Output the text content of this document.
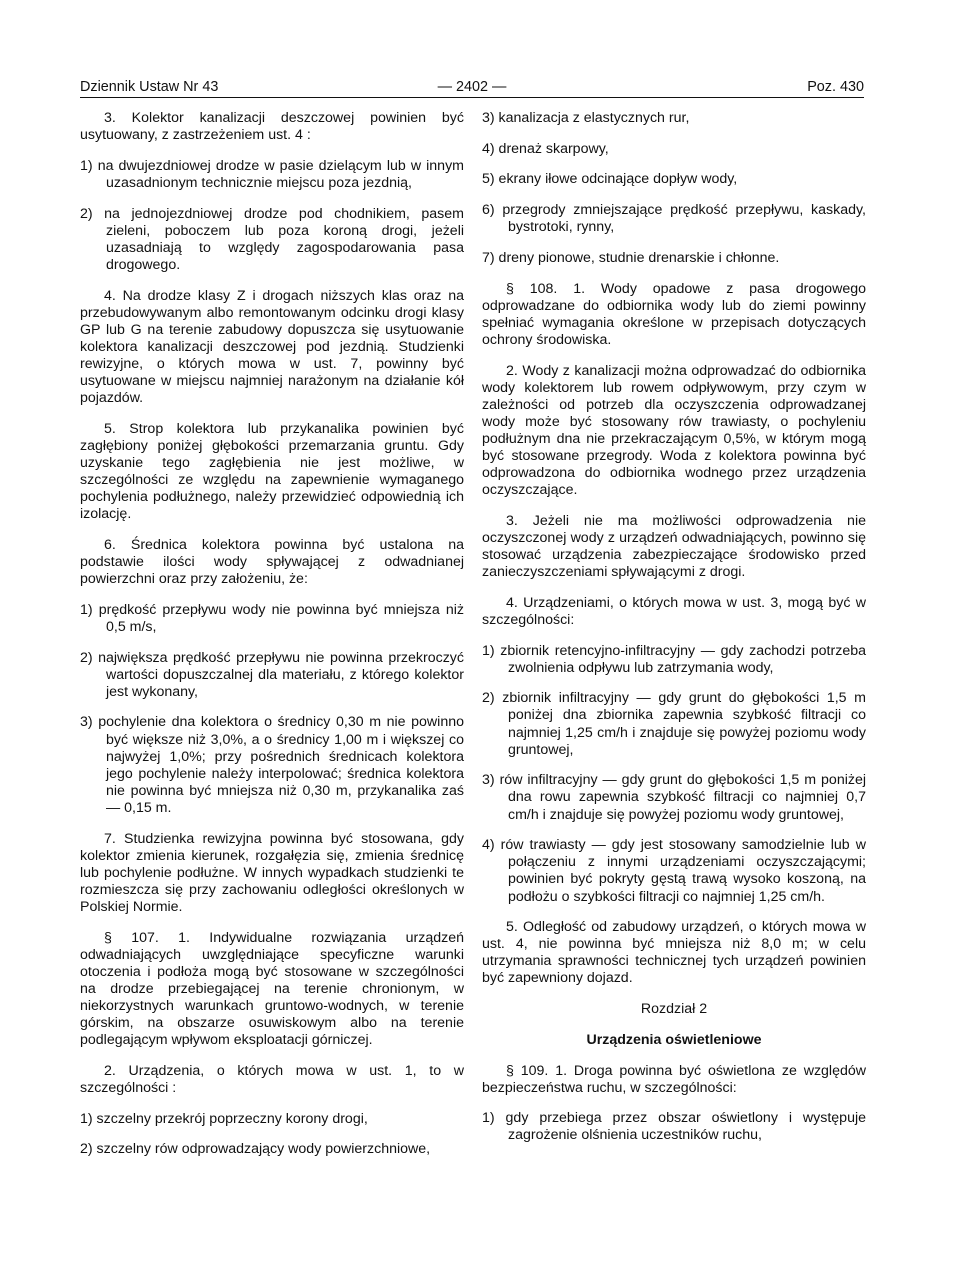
Dziennik Ustaw Nr 43	— 2402 —	Poz. 430

3. Kolektor kanalizacji deszczowej powinien być usytuowany, z zastrzeżeniem ust. 4 :

1) na dwujezdniowej drodze w pasie dzielącym lub w innym uzasadnionym technicznie miejscu poza jezdnią,

2) na jednojezdniowej drodze pod chodnikiem, pasem zieleni, poboczem lub poza koroną drogi, jeżeli uzasadniają to względy zagospodarowania pasa drogowego.

4. Na drodze klasy Z i drogach niższych klas oraz na przebudowywanym albo remontowanym odcinku drogi klasy GP lub G na terenie zabudowy dopuszcza się usytuowanie kolektora kanalizacji deszczowej pod jezdnią. Studzienki rewizyjne, o których mowa w ust. 7, powinny być usytuowane w miejscu najmniej narażonym na działanie kół pojazdów.

5. Strop kolektora lub przykanalika powinien być zagłębiony poniżej głębokości przemarzania gruntu. Gdy uzyskanie tego zagłębienia nie jest możliwe, w szczególności ze względu na zapewnienie wymaganego pochylenia podłużnego, należy przewidzieć odpowiednią ich izolację.

6. Średnica kolektora powinna być ustalona na podstawie ilości wody spływającej z odwadnianej powierzchni oraz przy założeniu, że:

1) prędkość przepływu wody nie powinna być mniejsza niż 0,5 m/s,

2) największa prędkość przepływu nie powinna przekroczyć wartości dopuszczalnej dla materiału, z którego kolektor jest wykonany,

3) pochylenie dna kolektora o średnicy 0,30 m nie powinno być większe niż 3,0%, a o średnicy 1,00 m i większej co najwyżej 1,0%; przy pośrednich średnicach kolektora jego pochylenie należy interpolować; średnica kolektora nie powinna być mniejsza niż 0,30 m, przykanalika zaś — 0,15 m.

7. Studzienka rewizyjna powinna być stosowana, gdy kolektor zmienia kierunek, rozgałęzia się, zmienia średnicę lub pochylenie podłużne. W innych wypadkach studzienki te rozmieszcza się przy zachowaniu odległości określonych w Polskiej Normie.

§ 107. 1. Indywidualne rozwiązania urządzeń odwadniających uwzględniające specyficzne warunki otoczenia i podłoża mogą być stosowane w szczególności na drodze przebiegającej na terenie chronionym, w niekorzystnych warunkach gruntowo-wodnych, w terenie górskim, na obszarze osuwiskowym albo na terenie podlegającym wpływom eksploatacji górniczej.

2. Urządzenia, o których mowa w ust. 1, to w szczególności :

1) szczelny przekrój poprzeczny korony drogi,

2) szczelny rów odprowadzający wody powierzchniowe,

3) kanalizacja z elastycznych rur,

4) drenaż skarpowy,

5) ekrany iłowe odcinające dopływ wody,

6) przegrody zmniejszające prędkość przepływu, kaskady, bystrotoki, rynny,

7) dreny pionowe, studnie drenarskie i chłonne.

§ 108. 1. Wody opadowe z pasa drogowego odprowadzane do odbiornika wody lub do ziemi powinny spełniać wymagania określone w przepisach dotyczących ochrony środowiska.

2. Wody z kanalizacji można odprowadzać do odbiornika wody kolektorem lub rowem odpływowym, przy czym w zależności od potrzeb dla oczyszczenia odprowadzanej wody może być stosowany rów trawiasty, o pochyleniu podłużnym dna nie przekraczającym 0,5%, w którym mogą być stosowane przegrody. Woda z kolektora powinna być odprowadzona do odbiornika wodnego przez urządzenia oczyszczające.

3. Jeżeli nie ma możliwości odprowadzenia nie oczyszczonej wody z urządzeń odwadniających, powinno się stosować urządzenia zabezpieczające środowisko przed zanieczyszczeniami spływającymi z drogi.

4. Urządzeniami, o których mowa w ust. 3, mogą być w szczególności:

1) zbiornik retencyjno-infiltracyjny — gdy zachodzi potrzeba zwolnienia odpływu lub zatrzymania wody,

2) zbiornik infiltracyjny — gdy grunt do głębokości 1,5 m poniżej dna zbiornika zapewnia szybkość filtracji co najmniej 1,25 cm/h i znajduje się powyżej poziomu wody gruntowej,

3) rów infiltracyjny — gdy grunt do głębokości 1,5 m poniżej dna rowu zapewnia szybkość filtracji co najmniej 0,7 cm/h i znajduje się powyżej poziomu wody gruntowej,

4) rów trawiasty — gdy jest stosowany samodzielnie lub w połączeniu z innymi urządzeniami oczyszczającymi; powinien być pokryty gęstą trawą wysoko koszoną, na podłożu o szybkości filtracji co najmniej 1,25 cm/h.

5. Odległość od zabudowy urządzeń, o których mowa w ust. 4, nie powinna być mniejsza niż 8,0 m; w celu utrzymania sprawności technicznej tych urządzeń powinien być zapewniony dojazd.

Rozdział 2

Urządzenia oświetleniowe

§ 109. 1. Droga powinna być oświetlona ze względów bezpieczeństwa ruchu, w szczególności:

1) gdy przebiega przez obszar oświetlony i występuje zagrożenie olśnienia uczestników ruchu,
